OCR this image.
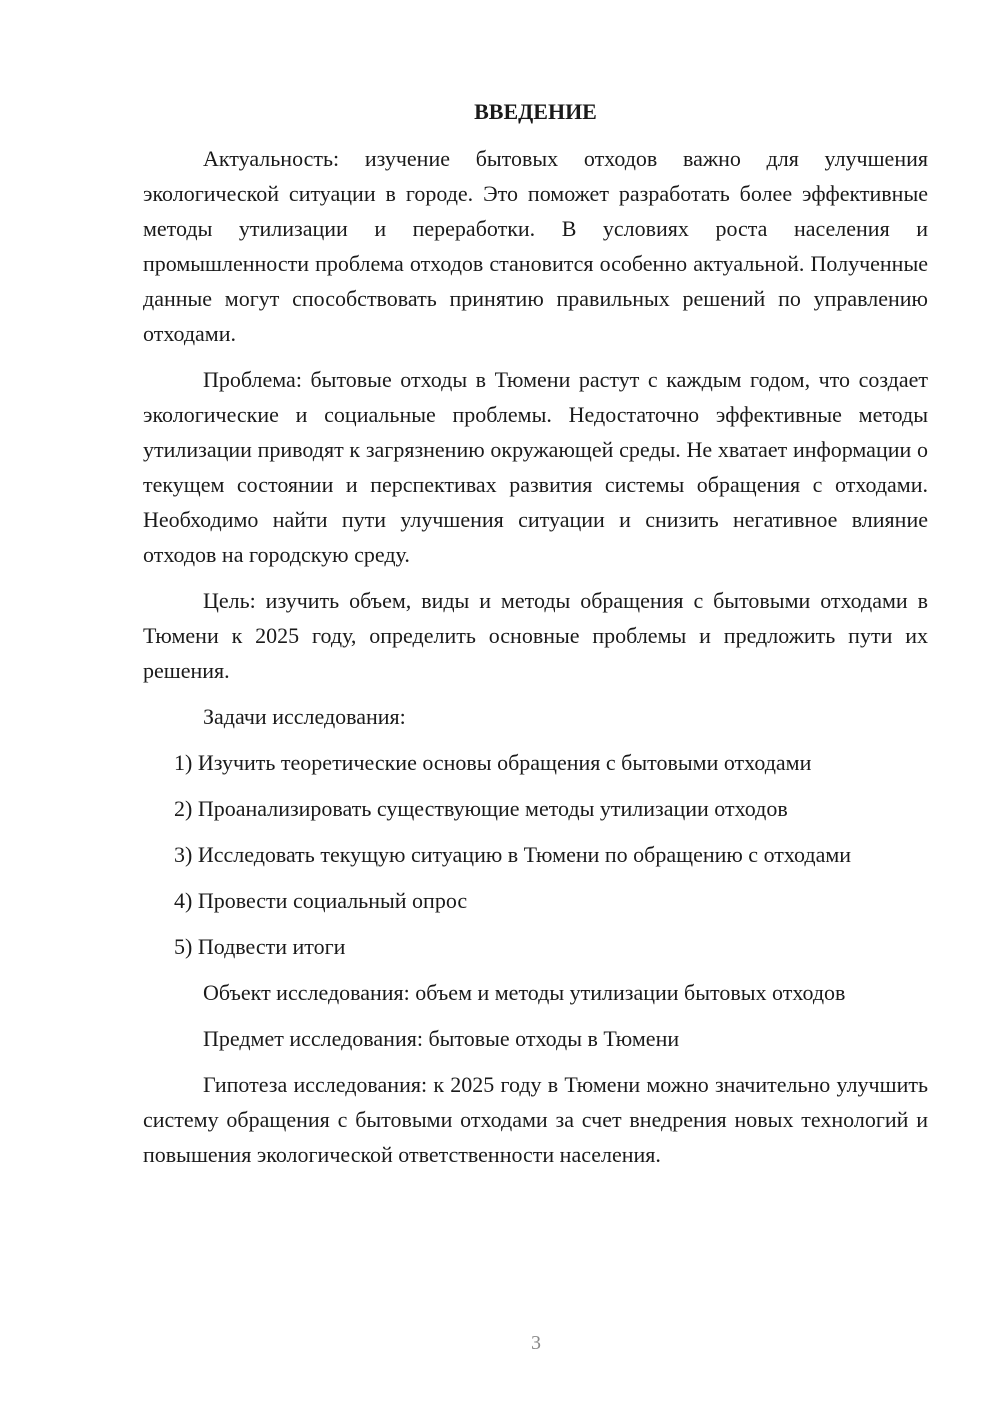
ВВЕДЕНИЕ

Актуальность: изучение бытовых отходов важно для улучшения экологической ситуации в городе. Это поможет разработать более эффективные методы утилизации и переработки. В условиях роста населения и промышленности проблема отходов становится особенно актуальной. Полученные данные могут способствовать принятию правильных решений по управлению отходами.

Проблема: бытовые отходы в Тюмени растут с каждым годом, что создает экологические и социальные проблемы. Недостаточно эффективные методы утилизации приводят к загрязнению окружающей среды. Не хватает информации о текущем состоянии и перспективах развития системы обращения с отходами. Необходимо найти пути улучшения ситуации и снизить негативное влияние отходов на городскую среду.

Цель: изучить объем, виды и методы обращения с бытовыми отходами в Тюмени к 2025 году, определить основные проблемы и предложить пути их решения.

Задачи исследования:

1) Изучить теоретические основы обращения с бытовыми отходами
2) Проанализировать существующие методы утилизации отходов
3) Исследовать текущую ситуацию в Тюмени по обращению с отходами
4) Провести социальный опрос
5) Подвести итоги

Объект исследования: объем и методы утилизации бытовых отходов

Предмет исследования: бытовые отходы в Тюмени

Гипотеза исследования: к 2025 году в Тюмени можно значительно улучшить систему обращения с бытовыми отходами за счет внедрения новых технологий и повышения экологической ответственности населения.

3
